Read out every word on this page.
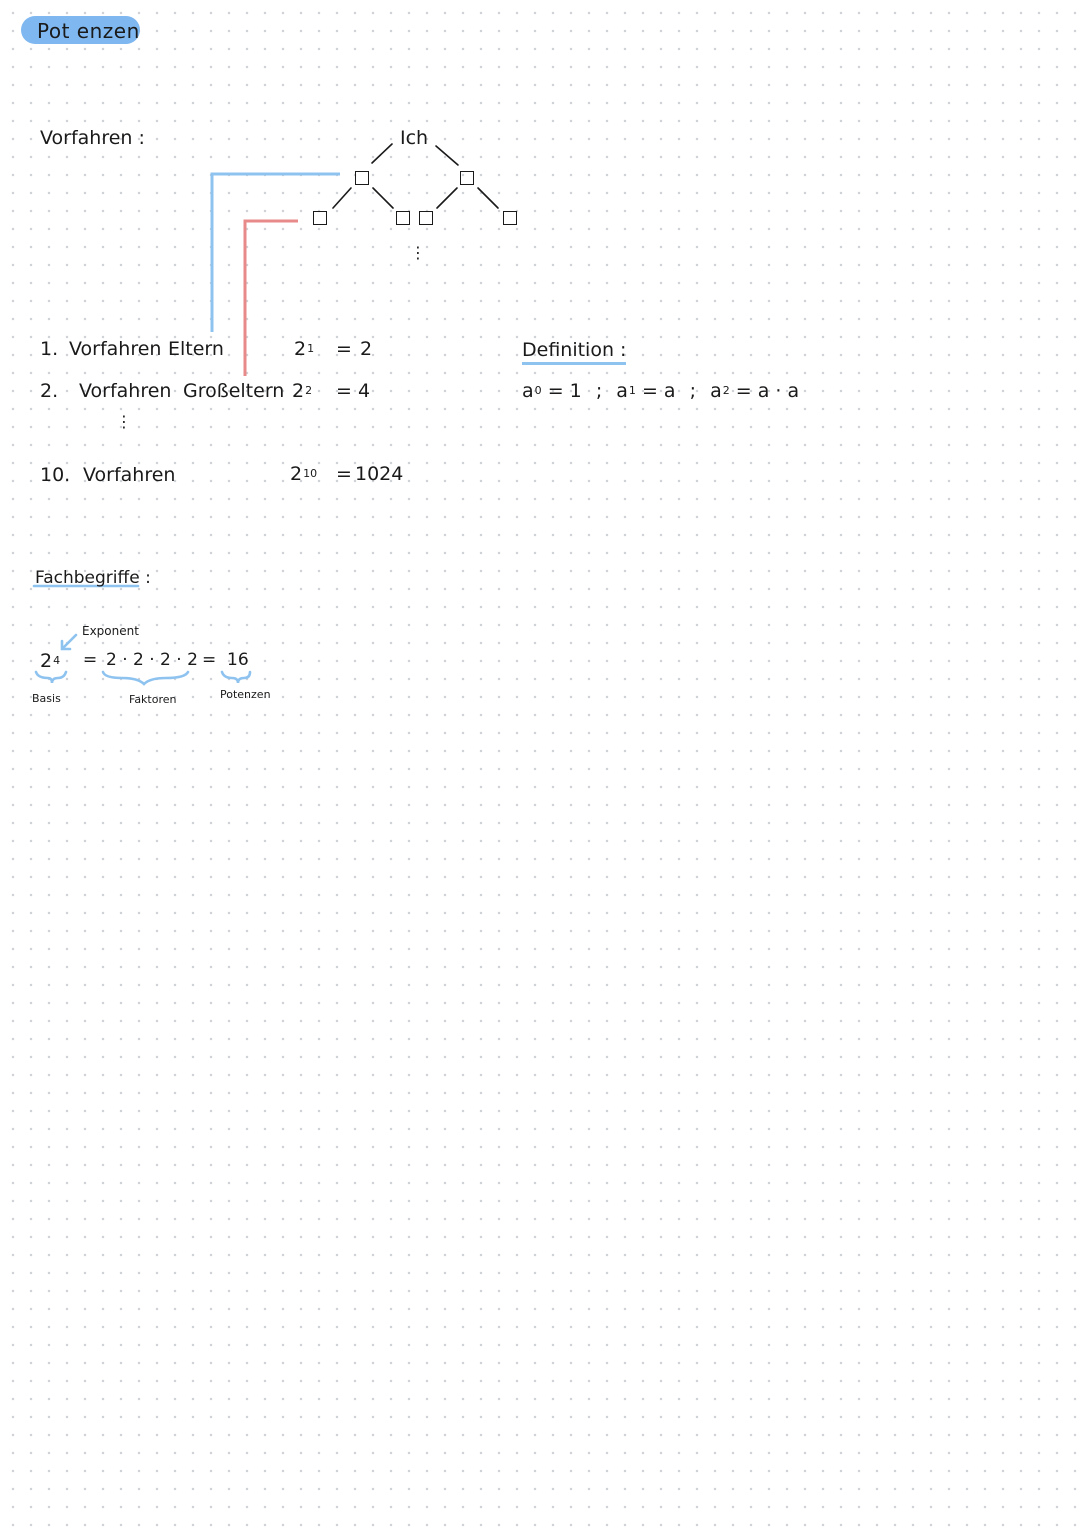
Pot enzen
Vorfahren :	Ich
⋮
1. Vorfahren Eltern	$2^1 = 2$
2. Vorfahren Großeltern $2^2 = 4$
⋮
10. Vorfahren	$2^{10} = 1024$
Definition :
$a^0 = 1$ ; $a^1 = a$ ; $a^2 = a \cdot a$
Fachbegriffe :
Exponent
$2^4 = 2 \cdot 2 \cdot 2 \cdot 2 = 16$
Basis	Faktoren	Potenzen
